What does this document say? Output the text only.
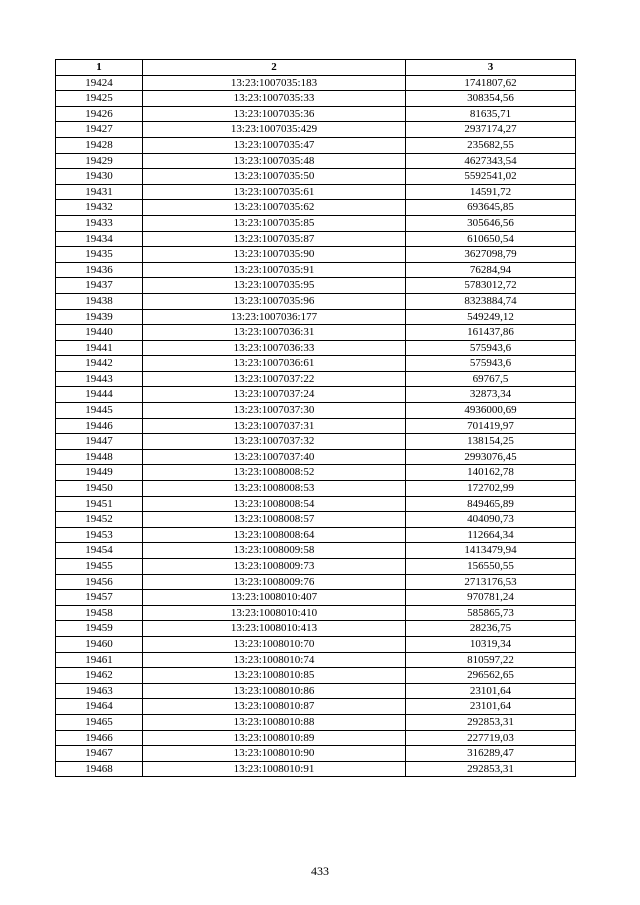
1	2	3
19424	13:23:1007035:183	1741807,62
19425	13:23:1007035:33	308354,56
19426	13:23:1007035:36	81635,71
19427	13:23:1007035:429	2937174,27
19428	13:23:1007035:47	235682,55
19429	13:23:1007035:48	4627343,54
19430	13:23:1007035:50	5592541,02
19431	13:23:1007035:61	14591,72
19432	13:23:1007035:62	693645,85
19433	13:23:1007035:85	305646,56
19434	13:23:1007035:87	610650,54
19435	13:23:1007035:90	3627098,79
19436	13:23:1007035:91	76284,94
19437	13:23:1007035:95	5783012,72
19438	13:23:1007035:96	8323884,74
19439	13:23:1007036:177	549249,12
19440	13:23:1007036:31	161437,86
19441	13:23:1007036:33	575943,6
19442	13:23:1007036:61	575943,6
19443	13:23:1007037:22	69767,5
19444	13:23:1007037:24	32873,34
19445	13:23:1007037:30	4936000,69
19446	13:23:1007037:31	701419,97
19447	13:23:1007037:32	138154,25
19448	13:23:1007037:40	2993076,45
19449	13:23:1008008:52	140162,78
19450	13:23:1008008:53	172702,99
19451	13:23:1008008:54	849465,89
19452	13:23:1008008:57	404090,73
19453	13:23:1008008:64	112664,34
19454	13:23:1008009:58	1413479,94
19455	13:23:1008009:73	156550,55
19456	13:23:1008009:76	2713176,53
19457	13:23:1008010:407	970781,24
19458	13:23:1008010:410	585865,73
19459	13:23:1008010:413	28236,75
19460	13:23:1008010:70	10319,34
19461	13:23:1008010:74	810597,22
19462	13:23:1008010:85	296562,65
19463	13:23:1008010:86	23101,64
19464	13:23:1008010:87	23101,64
19465	13:23:1008010:88	292853,31
19466	13:23:1008010:89	227719,03
19467	13:23:1008010:90	316289,47
19468	13:23:1008010:91	292853,31
433
